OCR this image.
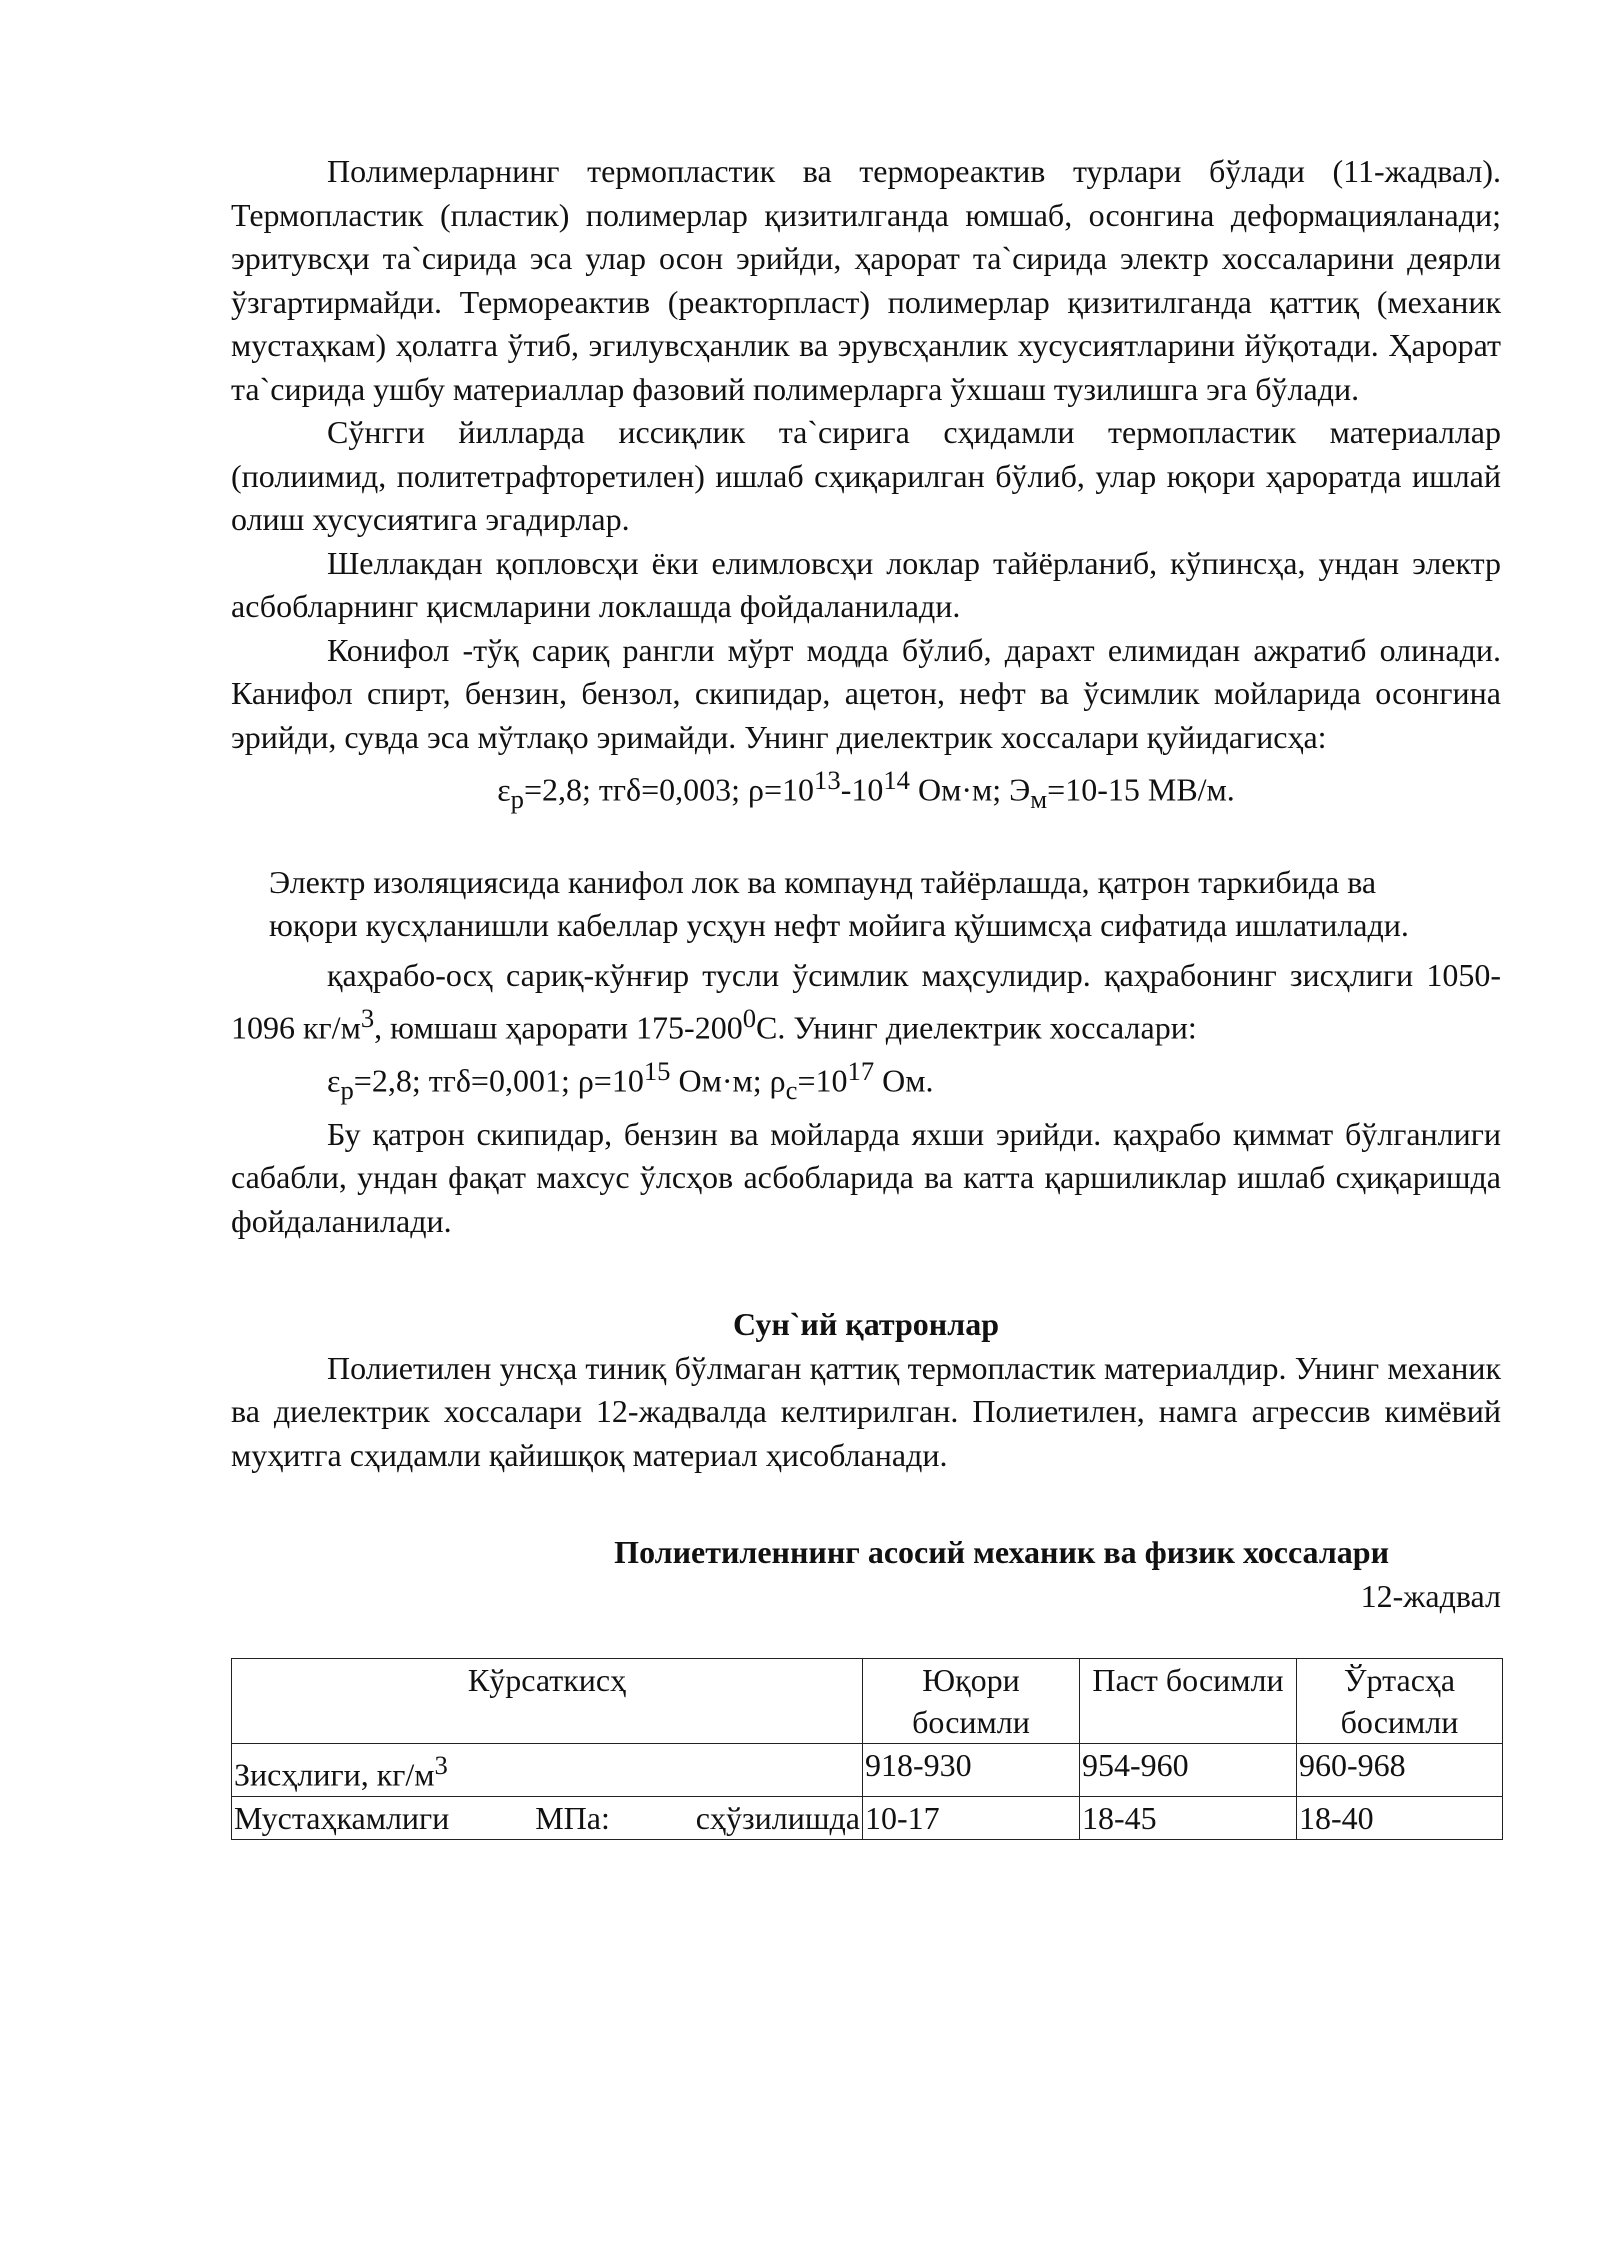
Полимерларнинг термопластик ва термореактив турлари бўлади (11-жадвал). Термопластик (пластик) полимерлар қизитилганда юмшаб, осонгина деформацияланади; эритувсҳи та`сирида эса улар осон эрийди, ҳарорат та`сирида электр хоссаларини деярли ўзгартирмайди. Термореактив (реакторпласт) полимерлар қизитилганда қаттиқ (механик мустаҳкам) ҳолатга ўтиб, эгилувсҳанлик ва эрувсҳанлик хусусиятларини йўқотади. Ҳарорат та`сирида ушбу материаллар фазовий полимерларга ўхшаш тузилишга эга бўлади.

Сўнгги йилларда иссиқлик та`сирига сҳидамли термопластик материаллар (полиимид, политетрафторетилен) ишлаб сҳиқарилган бўлиб, улар юқори ҳароратда ишлай олиш хусусиятига эгадирлар.

Шеллакдан қопловсҳи ёки елимловсҳи локлар тайёрланиб, кўпинсҳа, ундан электр асбобларнинг қисмларини локлашда фойдаланилади.

Конифол -тўқ сариқ рангли мўрт модда бўлиб, дарахт елимидан ажратиб олинади. Канифол спирт, бензин, бензол, скипидар, ацетон, нефт ва ўсимлик мойларида осонгина эрийди, сувда эса мўтлақо эримайди. Унинг диелектрик хоссалари қуйидагисҳа:

$\varepsilon_р=2,8$; тгδ=0,003; $\rho=10^{13}-10^{14}$ Ом·м; $Э_м=10-15$ МВ/м.

Электр изоляциясида канифол лок ва компаунд тайёрлашда, қатрон таркибида ва юқори кусҳланишли кабеллар усҳун нефт мойига қўшимсҳа сифатида ишлатилади.

қаҳрабо-осҳ сариқ-кўнғир тусли ўсимлик маҳсулидир. қаҳрабонинг зисҳлиги 1050-1096 $кг/м^3$, юмшаш ҳарорати $175-200^0С$. Унинг диелектрик хоссалари:

$\varepsilon_р=2,8$; тгδ=0,001; $\rho=10^{15}$ Ом·м; $\rho_с=10^{17}$ Ом.

Бу қатрон скипидар, бензин ва мойларда яхши эрийди. қаҳрабо қиммат бўлганлиги сабабли, ундан фақат махсус ўлсҳов асбобларида ва катта қаршиликлар ишлаб сҳиқаришда фойдаланилади.

Сун`ий қатронлар

Полиетилен унсҳа тиниқ бўлмаган қаттиқ термопластик материалдир. Унинг механик ва диелектрик хоссалари 12-жадвалда келтирилган. Полиетилен, намга агрессив кимёвий муҳитга сҳидамли қайишқоқ материал ҳисобланади.

Полиетиленнинг асосий механик ва физик хоссалари

12-жадвал

Кўрсаткисҳ	Юқори босимли	Паст босимли	Ўртасҳа босимли
Зисҳлиги, $кг/м^3$	918-930	954-960	960-968

Мустаҳкамлиги МПа: сҳўзилишда	10-17	18-45	18-40
